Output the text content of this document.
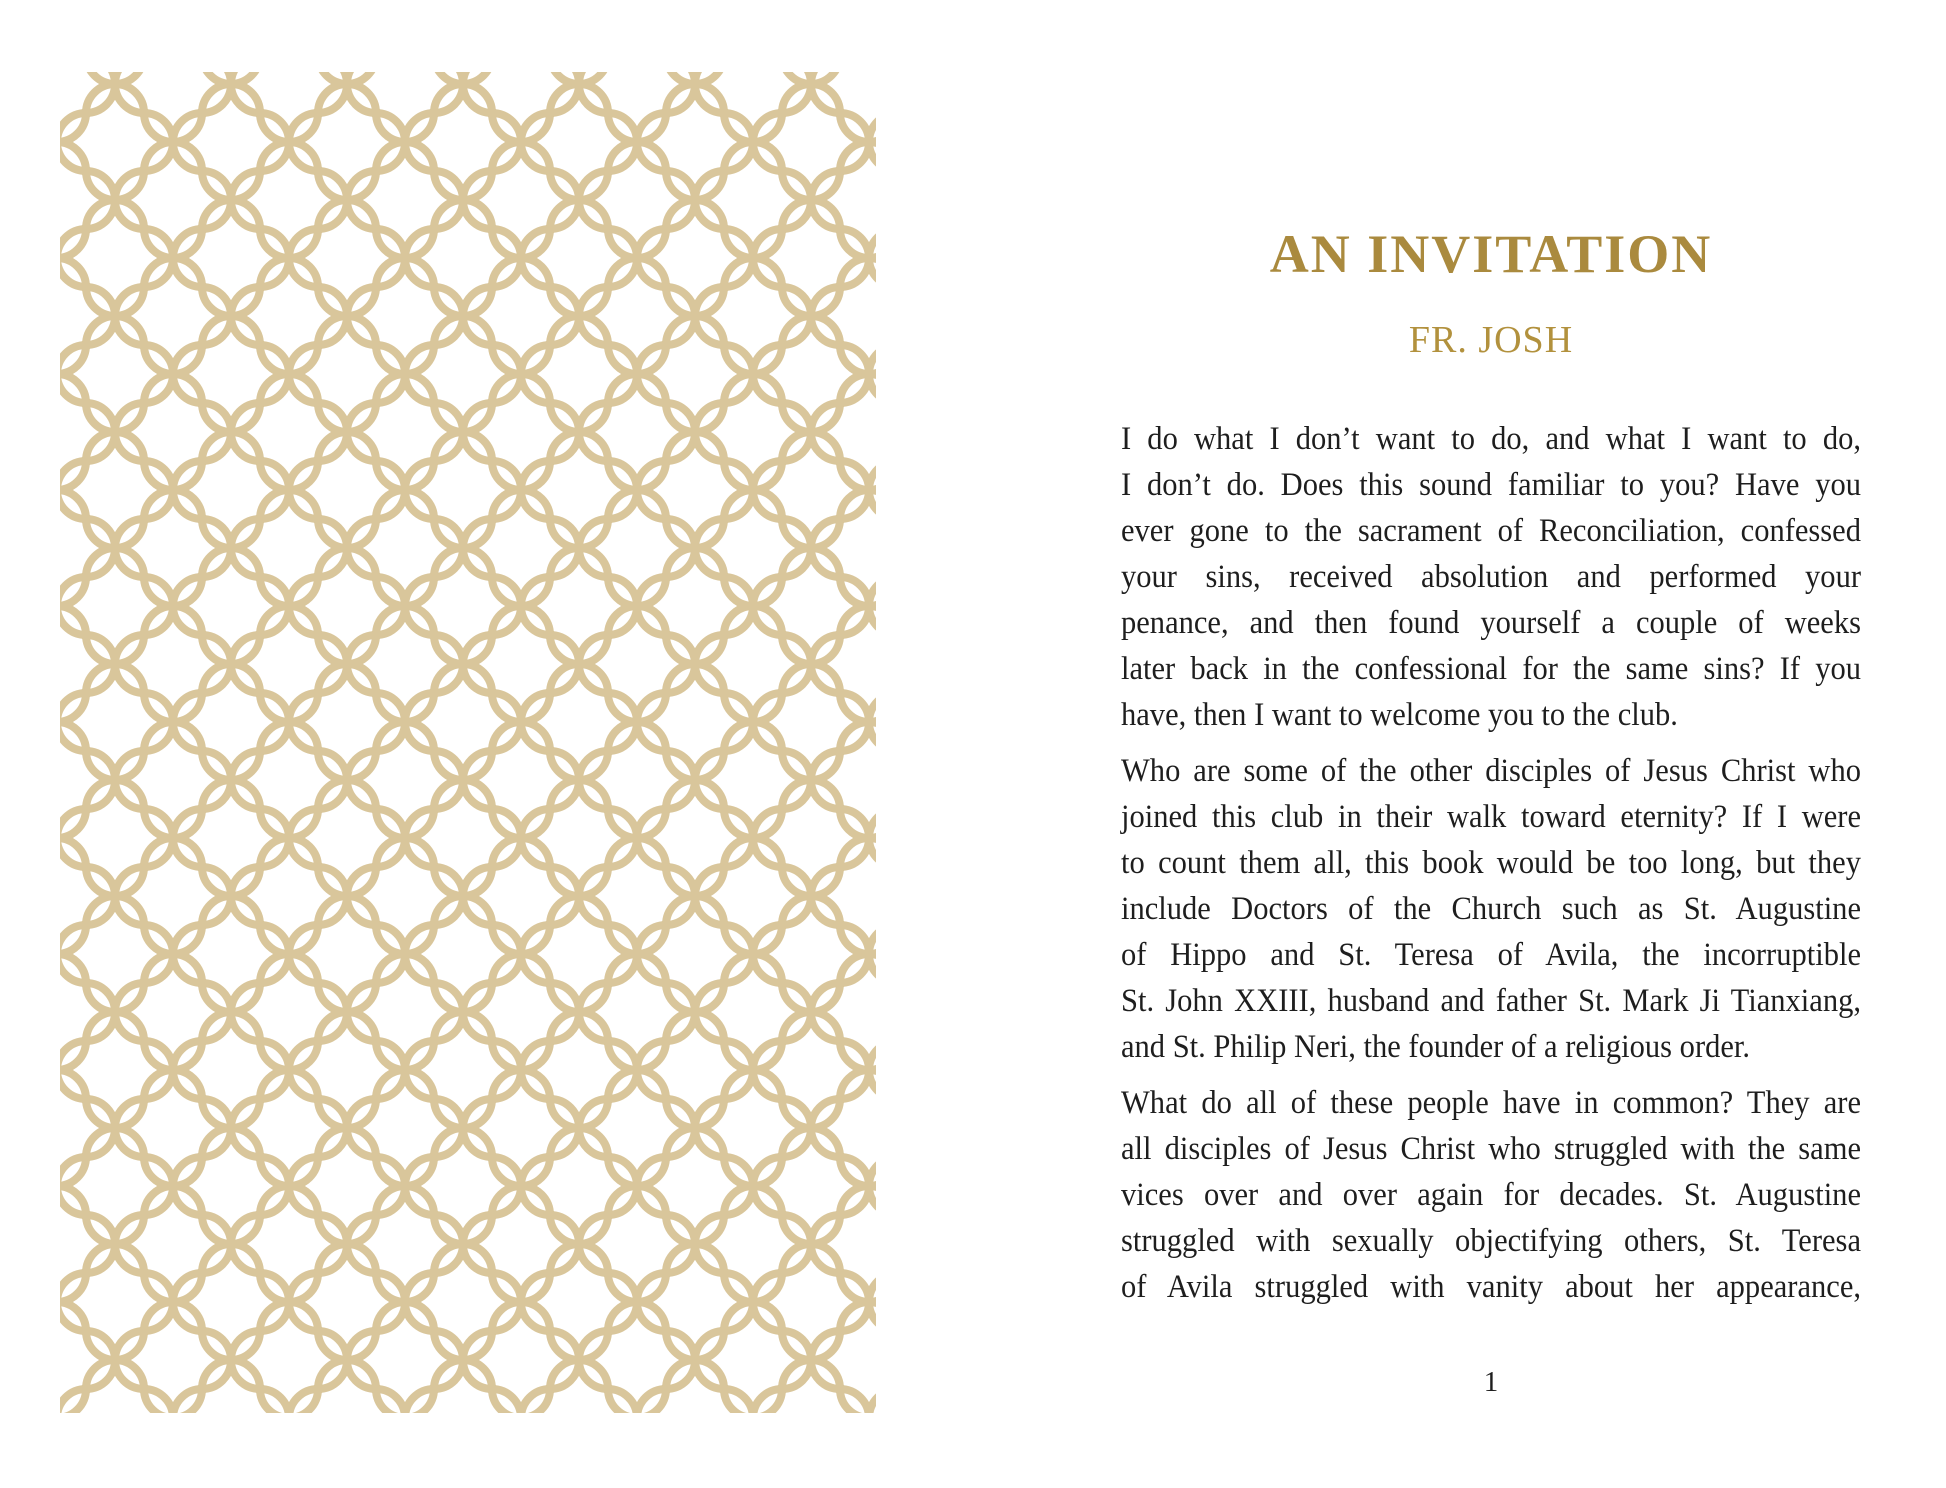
AN INVITATION
FR. JOSH
I do what I don’t want to do, and what I want to do,
I don’t do. Does this sound familiar to you? Have you
ever gone to the sacrament of Reconciliation, confessed
your sins, received absolution and performed your
penance, and then found yourself a couple of weeks
later back in the confessional for the same sins? If you
have, then I want to welcome you to the club.
Who are some of the other disciples of Jesus Christ who
joined this club in their walk toward eternity? If I were
to count them all, this book would be too long, but they
include Doctors of the Church such as St. Augustine
of Hippo and St. Teresa of Avila, the incorruptible
St. John XXIII, husband and father St. Mark Ji Tianxiang,
and St. Philip Neri, the founder of a religious order.
What do all of these people have in common? They are
all disciples of Jesus Christ who struggled with the same
vices over and over again for decades. St. Augustine
struggled with sexually objectifying others, St. Teresa
of Avila struggled with vanity about her appearance,
1
